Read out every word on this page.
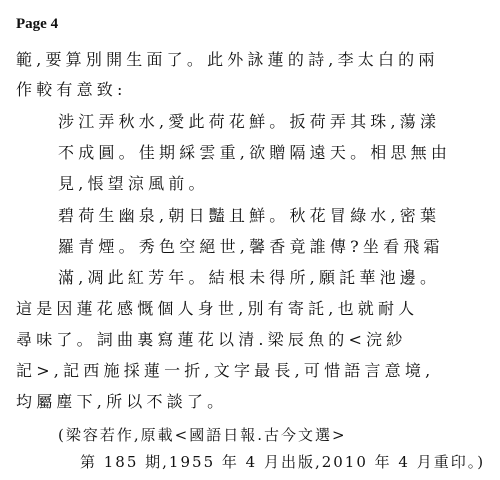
Page 4
範,要算別開生面了。此外詠蓮的詩,李太白的兩
作較有意致:
涉江弄秋水,愛此荷花鮮。扳荷弄其珠,蕩漾
不成圓。佳期綵雲重,欲贈隔遠天。相思無由
見,悵望涼風前。
碧荷生幽泉,朝日豔且鮮。秋花冒綠水,密葉
羅青煙。秀色空絕世,馨香竟誰傳?坐看飛霜
滿,凋此紅芳年。結根未得所,願託華池邊。
這是因蓮花感慨個人身世,別有寄託,也就耐人
尋味了。詞曲裏寫蓮花以清.梁辰魚的<浣紗
記>,記西施採蓮一折,文字最長,可惜語言意境,
均屬塵下,所以不談了。
(梁容若作,原載<國語日報.古今文選>
第 185 期,1955 年 4 月出版,2010 年 4 月重印。)
